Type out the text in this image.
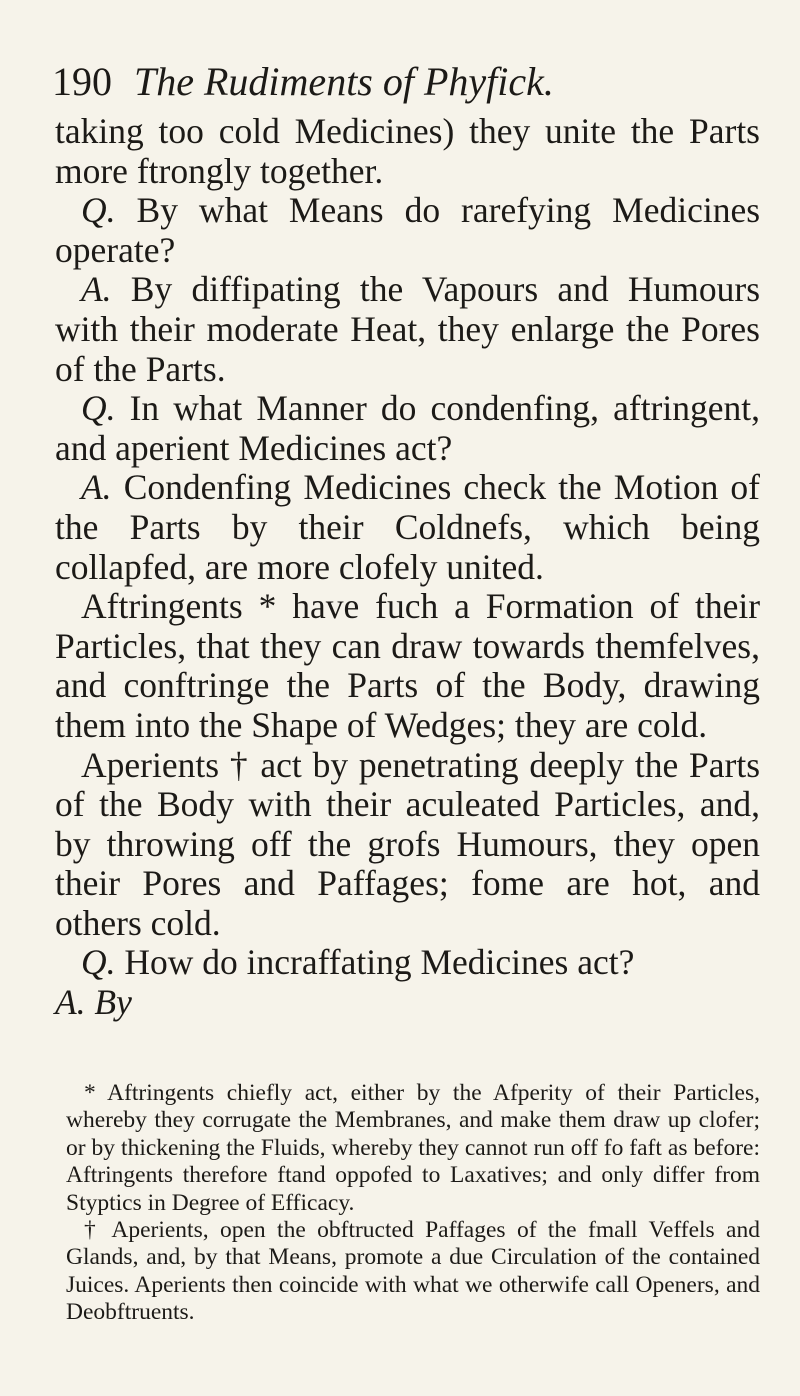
190 The Rudiments of Phyfick.

taking too cold Medicines) they unite the Parts more ftrongly together.

Q. By what Means do rarefying Medicines operate?

A. By diffipating the Vapours and Humours with their moderate Heat, they enlarge the Pores of the Parts.

Q. In what Manner do condenfing, aftringent, and aperient Medicines act?

A. Condenfing Medicines check the Motion of the Parts by their Coldnefs, which being collapfed, are more clofely united.

Aftringents * have fuch a Formation of their Particles, that they can draw towards themfelves, and conftringe the Parts of the Body, drawing them into the Shape of Wedges; they are cold.

Aperients † act by penetrating deeply the Parts of the Body with their aculeated Particles, and, by throwing off the grofs Humours, they open their Pores and Paffages; fome are hot, and others cold.

Q. How do incraffating Medicines act?

A. By

* Aftringents chiefly act, either by the Afperity of their Particles, whereby they corrugate the Membranes, and make them draw up clofer; or by thickening the Fluids, whereby they cannot run off fo faft as before: Aftringents therefore ftand oppofed to Laxatives; and only differ from Styptics in Degree of Efficacy.

† Aperients, open the obftructed Paffages of the fmall Veffels and Glands, and, by that Means, promote a due Circulation of the contained Juices. Aperients then coincide with what we otherwife call Openers, and Deobftruents.
